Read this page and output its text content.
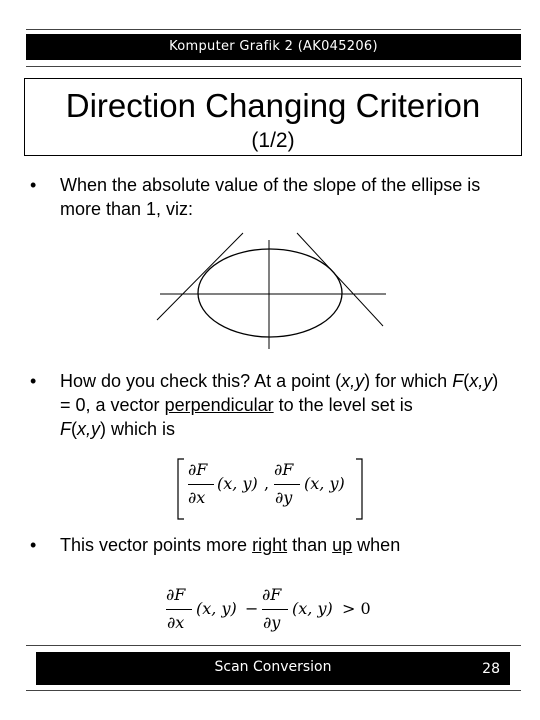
Komputer Grafik 2 (AK045206)
Direction Changing Criterion
(1/2)
•	When the absolute value of the slope of the ellipse is more than 1, viz:
•	How do you check this? At a point (x,y) for which F(x,y) = 0, a vector perpendicular to the level set isF(x,y) which is
∂F
∂x
(x, y) ,
∂F
∂y
(x, y)
•	This vector points more right than up when
∂F
∂x
(x, y) −
∂F
∂y
(x, y) > 0
Scan Conversion	28
